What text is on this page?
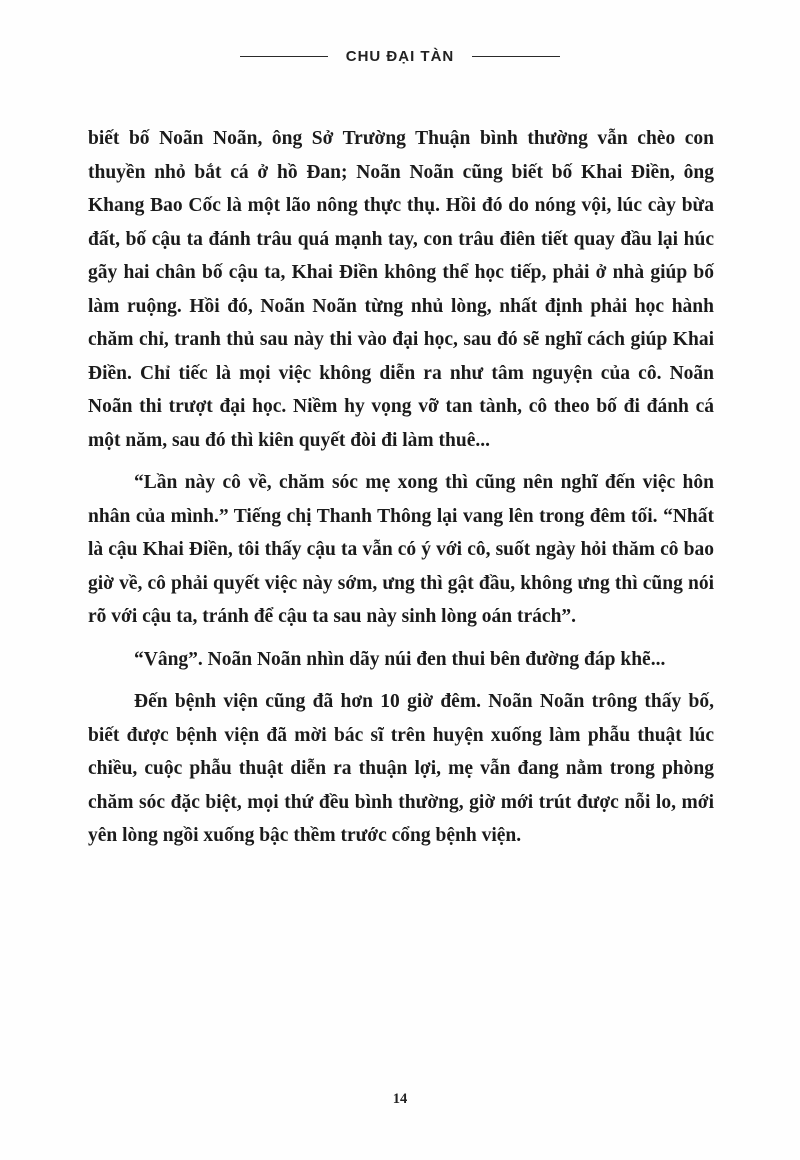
CHU ĐẠI TÀN

biết bố Noãn Noãn, ông Sở Trường Thuận bình thường vẫn chèo con thuyền nhỏ bắt cá ở hồ Đan; Noãn Noãn cũng biết bố Khai Điền, ông Khang Bao Cốc là một lão nông thực thụ. Hồi đó do nóng vội, lúc cày bừa đất, bố cậu ta đánh trâu quá mạnh tay, con trâu điên tiết quay đầu lại húc gãy hai chân bố cậu ta, Khai Điền không thể học tiếp, phải ở nhà giúp bố làm ruộng. Hồi đó, Noãn Noãn từng nhủ lòng, nhất định phải học hành chăm chỉ, tranh thủ sau này thi vào đại học, sau đó sẽ nghĩ cách giúp Khai Điền. Chỉ tiếc là mọi việc không diễn ra như tâm nguyện của cô. Noãn Noãn thi trượt đại học. Niềm hy vọng vỡ tan tành, cô theo bố đi đánh cá một năm, sau đó thì kiên quyết đòi đi làm thuê...

“Lần này cô về, chăm sóc mẹ xong thì cũng nên nghĩ đến việc hôn nhân của mình.” Tiếng chị Thanh Thông lại vang lên trong đêm tối. “Nhất là cậu Khai Điền, tôi thấy cậu ta vẫn có ý với cô, suốt ngày hỏi thăm cô bao giờ về, cô phải quyết việc này sớm, ưng thì gật đầu, không ưng thì cũng nói rõ với cậu ta, tránh để cậu ta sau này sinh lòng oán trách”.

“Vâng”. Noãn Noãn nhìn dãy núi đen thui bên đường đáp khẽ...

Đến bệnh viện cũng đã hơn 10 giờ đêm. Noãn Noãn trông thấy bố, biết được bệnh viện đã mời bác sĩ trên huyện xuống làm phẫu thuật lúc chiều, cuộc phẫu thuật diễn ra thuận lợi, mẹ vẫn đang nằm trong phòng chăm sóc đặc biệt, mọi thứ đều bình thường, giờ mới trút được nỗi lo, mới yên lòng ngồi xuống bậc thềm trước cổng bệnh viện.

14
